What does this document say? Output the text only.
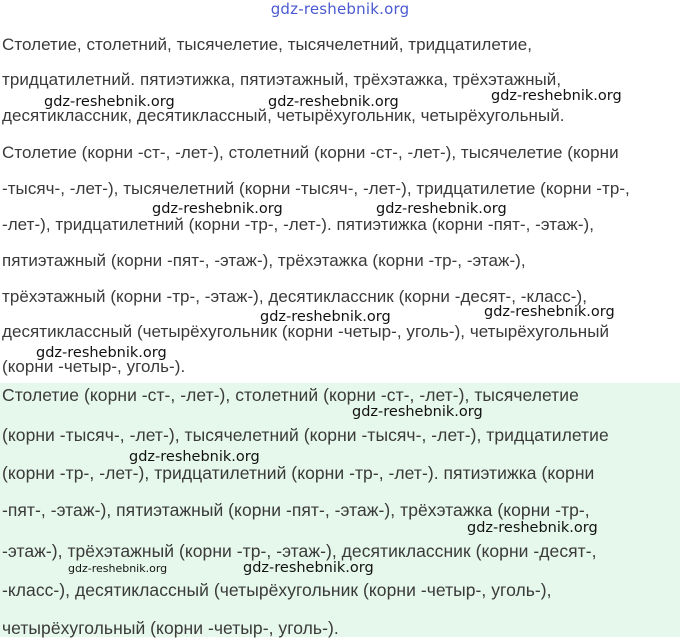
gdz-reshebnik.org
Столетие, столетний, тысячелетие, тысячелетний, тридцатилетие,
тридцатилетний. пятиэтижка, пятиэтажный, трёхэтажка, трёхэтажный,
десятиклассник, десятиклассный, четырёхугольник, четырёхугольный.
Столетие (корни -ст-, -лет-), столетний (корни -ст-, -лет-), тысячелетие (корни
-тысяч-, -лет-), тысячелетний (корни -тысяч-, -лет-), тридцатилетие (корни -тр-,
-лет-), тридцатилетний (корни -тр-, -лет-). пятиэтижка (корни -пят-, -этаж-),
пятиэтажный (корни -пят-, -этаж-), трёхэтажка (корни -тр-, -этаж-),
трёхэтажный (корни -тр-, -этаж-), десятиклассник (корни -десят-, -класс-),
десятиклассный (четырёхугольник (корни -четыр-, уголь-), четырёхугольный
(корни -четыр-, уголь-).
Столетие (корни -ст-, -лет-), столетний (корни -ст-, -лет-), тысячелетие
(корни -тысяч-, -лет-), тысячелетний (корни -тысяч-, -лет-), тридцатилетие
(корни -тр-, -лет-), тридцатилетний (корни -тр-, -лет-). пятиэтижка (корни
-пят-, -этаж-), пятиэтажный (корни -пят-, -этаж-), трёхэтажка (корни -тр-,
-этаж-), трёхэтажный (корни -тр-, -этаж-), десятиклассник (корни -десят-,
-класс-), десятиклассный (четырёхугольник (корни -четыр-, уголь-),
четырёхугольный (корни -четыр-, уголь-).
gdz-reshebnik.org	gdz-reshebnik.org	gdz-reshebnik.org
gdz-reshebnik.org	gdz-reshebnik.org
gdz-reshebnik.org	gdz-reshebnik.org
gdz-reshebnik.org
gdz-reshebnik.org
gdz-reshebnik.org
gdz-reshebnik.org
gdz-reshebnik.org
gdz-reshebnik.org
